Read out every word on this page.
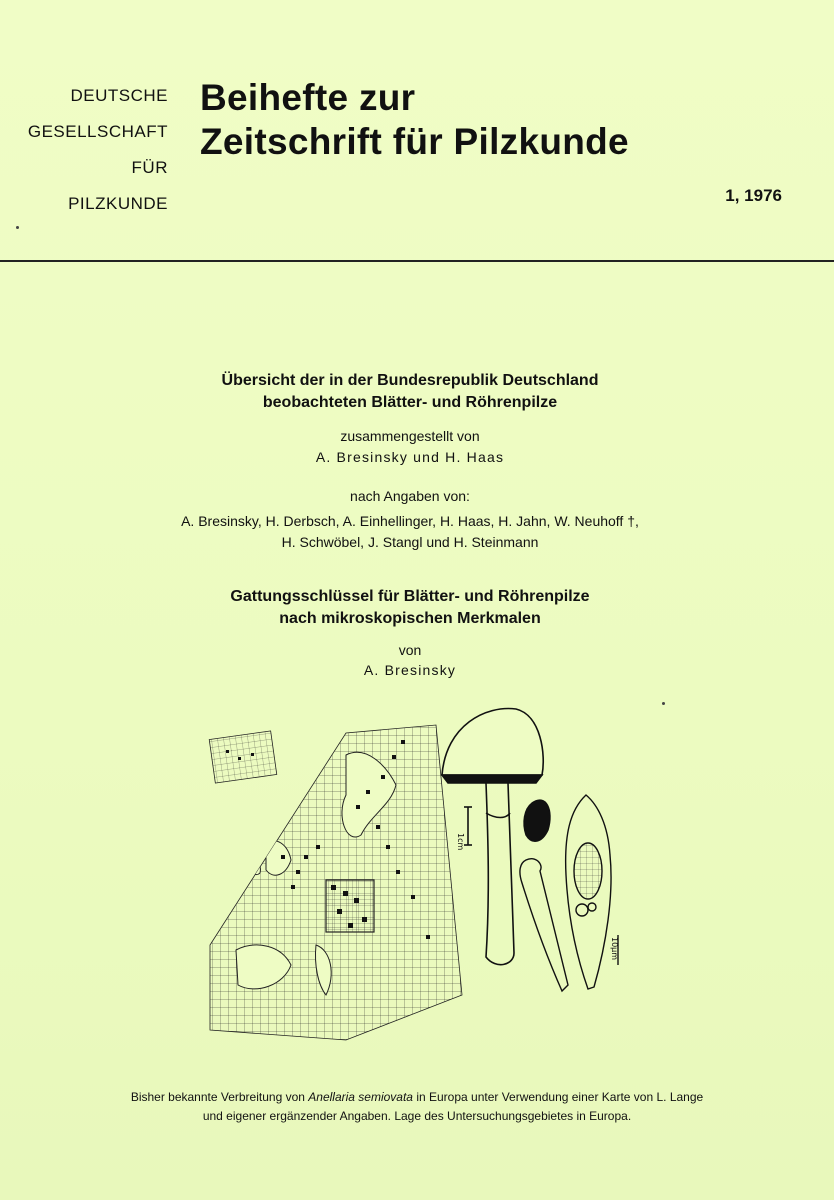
DEUTSCHE
GESELLSCHAFT
FÜR
PILZKUNDE
Beihefte zur
Zeitschrift für Pilzkunde
1, 1976
Übersicht der in der Bundesrepublik Deutschland
beobachteten Blätter- und Röhrenpilze
zusammengestellt von
A. Bresinsky und H. Haas
nach Angaben von:
A. Bresinsky, H. Derbsch, A. Einhellinger, H. Haas, H. Jahn, W. Neuhoff †,
H. Schwöbel, J. Stangl und H. Steinmann
Gattungsschlüssel für Blätter- und Röhrenpilze
nach mikroskopischen Merkmalen
von
A. Bresinsky
1cm
10μm
Bisher bekannte Verbreitung von Anellaria semiovata in Europa unter Verwendung einer Karte von L. Lange
und eigener ergänzender Angaben. Lage des Untersuchungsgebietes in Europa.
